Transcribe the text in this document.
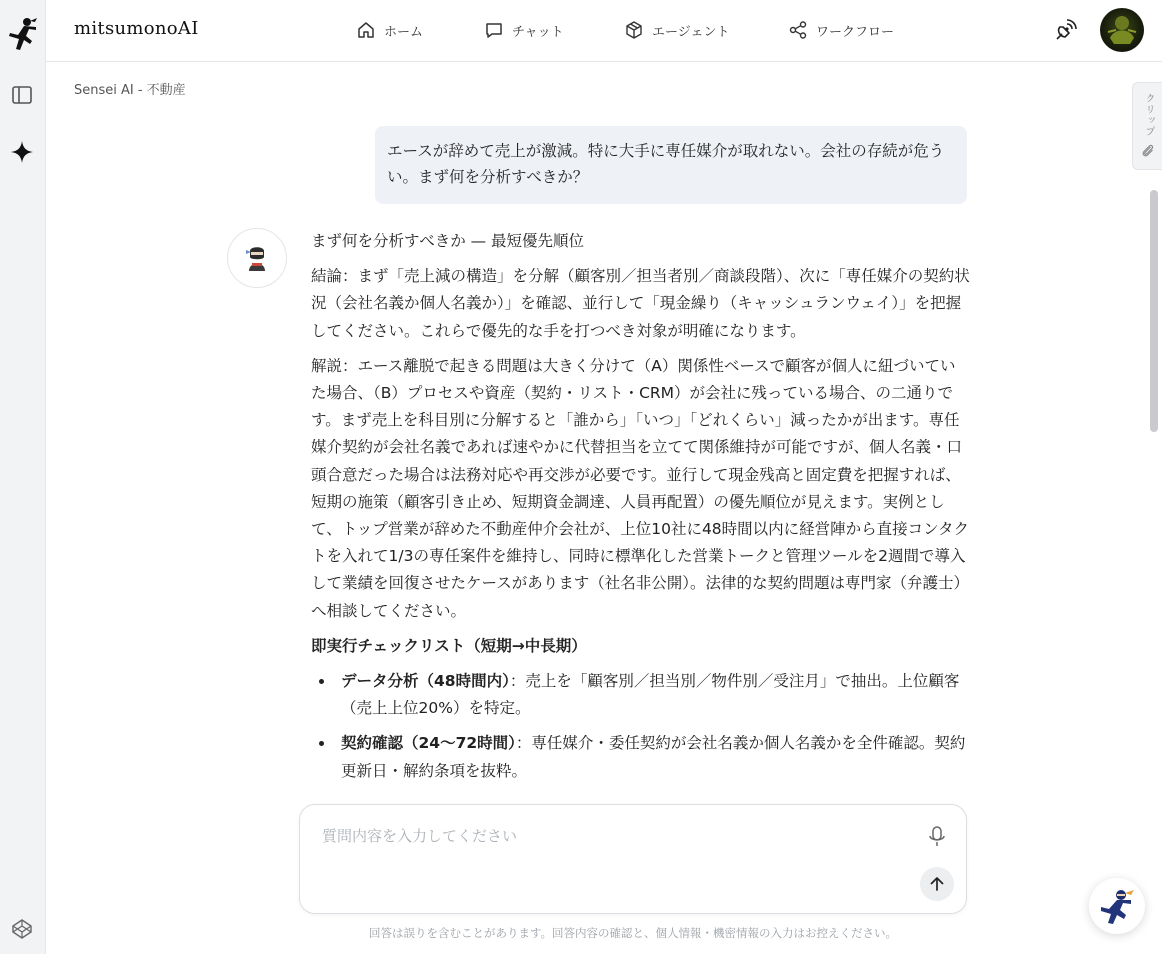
mitsumonoAI	ホーム	チャット	エージェント	ワークフロー
Sensei AI - 不動産
クリップ
エースが辞めて売上が激減。特に大手に専任媒介が取れない。会社の存続が危うい。まず何を分析すべきか？

まず何を分析すべきか — 最短優先順位

結論：まず「売上減の構造」を分解（顧客別／担当者別／商談段階）、次に「専任媒介の契約状況（会社名義か個人名義か）」を確認、並行して「現金繰り（キャッシュランウェイ）」を把握してください。これらで優先的な手を打つべき対象が明確になります。

解説：エース離脱で起きる問題は大きく分けて（A）関係性ベースで顧客が個人に紐づいていた場合、（B）プロセスや資産（契約・リスト・CRM）が会社に残っている場合、の二通りです。まず売上を科目別に分解すると「誰から」「いつ」「どれくらい」減ったかが出ます。専任媒介契約が会社名義であれば速やかに代替担当を立てて関係維持が可能ですが、個人名義・口頭合意だった場合は法務対応や再交渉が必要です。並行して現金残高と固定費を把握すれば、短期の施策（顧客引き止め、短期資金調達、人員再配置）の優先順位が見えます。実例として、トップ営業が辞めた不動産仲介会社が、上位10社に48時間以内に経営陣から直接コンタクトを入れて1/3の専任案件を維持し、同時に標準化した営業トークと管理ツールを2週間で導入して業績を回復させたケースがあります（社名非公開）。法律的な契約問題は専門家（弁護士）へ相談してください。

即実行チェックリスト（短期→中長期）

データ分析（48時間内）：売上を「顧客別／担当別／物件別／受注月」で抽出。上位顧客（売上上位20%）を特定。
契約確認（24〜72時間）：専任媒介・委任契約が会社名義か個人名義かを全件確認。契約更新日・解約条項を抜粋。
質問内容を入力してください
回答は誤りを含むことがあります。回答内容の確認と、個人情報・機密情報の入力はお控えください。
